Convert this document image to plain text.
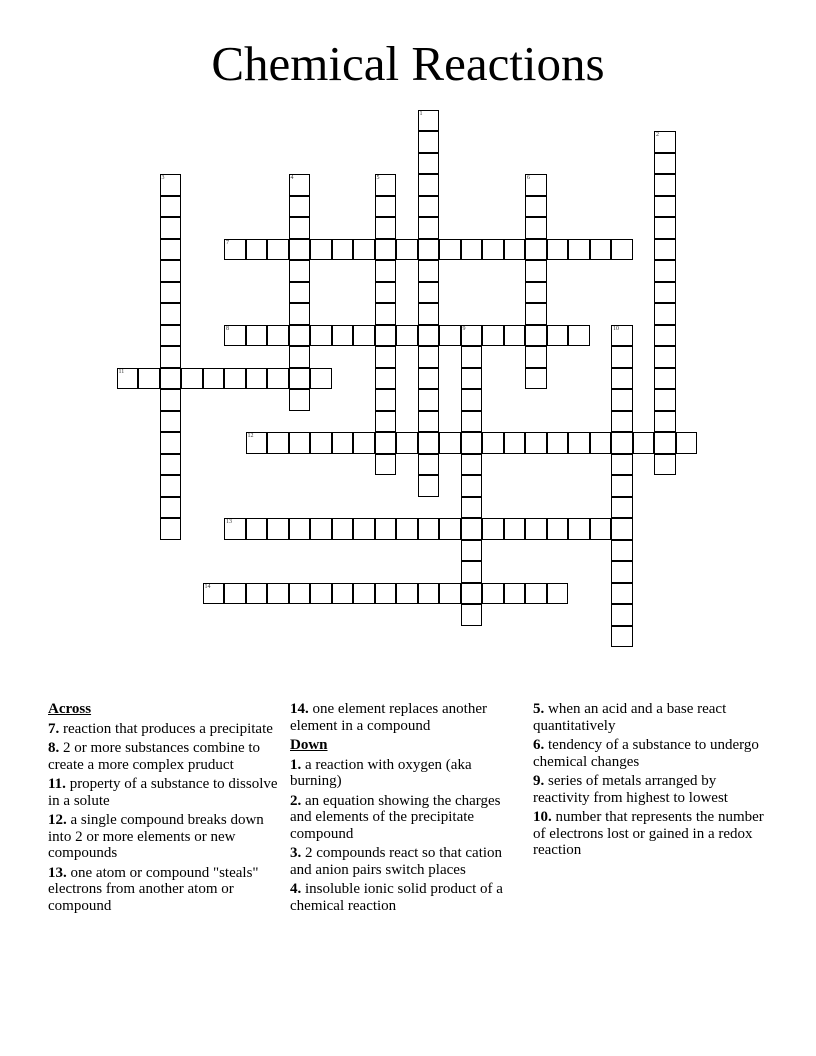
Chemical Reactions
1
2
3	4	5	6
7
8	9	10
11
12
13
14
Across
7. reaction that produces a precipitate
8. 2 or more substances combine to create a more complex pruduct
11. property of a substance to dissolve in a solute
12. a single compound breaks down into 2 or more elements or new compounds
13. one atom or compound "steals" electrons from another atom or compound
14. one element replaces another element in a compound
Down
1. a reaction with oxygen (aka burning)
2. an equation showing the charges and elements of the precipitate compound
3. 2 compounds react so that cation and anion pairs switch places
4. insoluble ionic solid product of a chemical reaction
5. when an acid and a base react quantitatively
6. tendency of a substance to undergo chemical changes
9. series of metals arranged by reactivity from highest to lowest
10. number that represents the number of electrons lost or gained in a redox reaction
